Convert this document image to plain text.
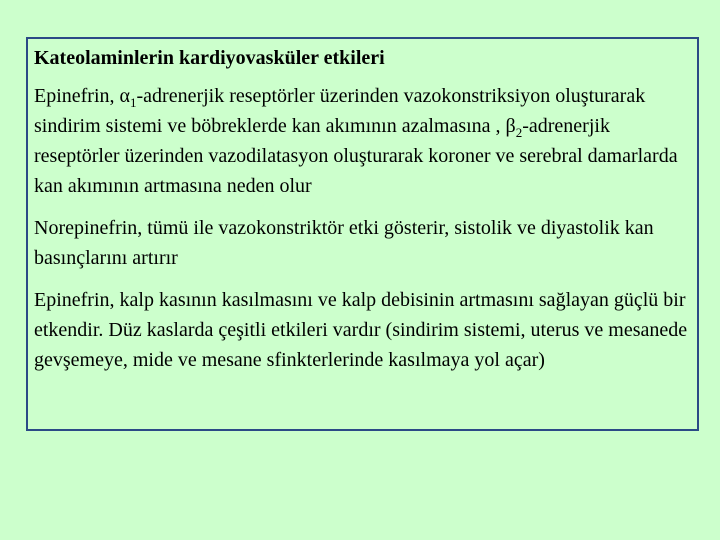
Kateolaminlerin kardiyovasküler etkileri
Epinefrin, $\alpha_1$-adrenerjik reseptörler üzerinden vazokonstriksiyon oluşturarak sindirim sistemi ve böbreklerde kan akımının azalmasına , $\beta_2$-adrenerjik reseptörler üzerinden vazodilatasyon oluşturarak koroner ve serebral damarlarda kan akımının artmasına neden olur
Norepinefrin, tümü ile vazokonstriktör etki gösterir, sistolik ve diyastolik kan basınçlarını artırır
Epinefrin, kalp kasının kasılmasını ve kalp debisinin artmasını sağlayan güçlü bir etkendir. Düz kaslarda çeşitli etkileri vardır (sindirim sistemi, uterus ve mesanede gevşemeye, mide ve mesane sfinkterlerinde kasılmaya yol açar)
